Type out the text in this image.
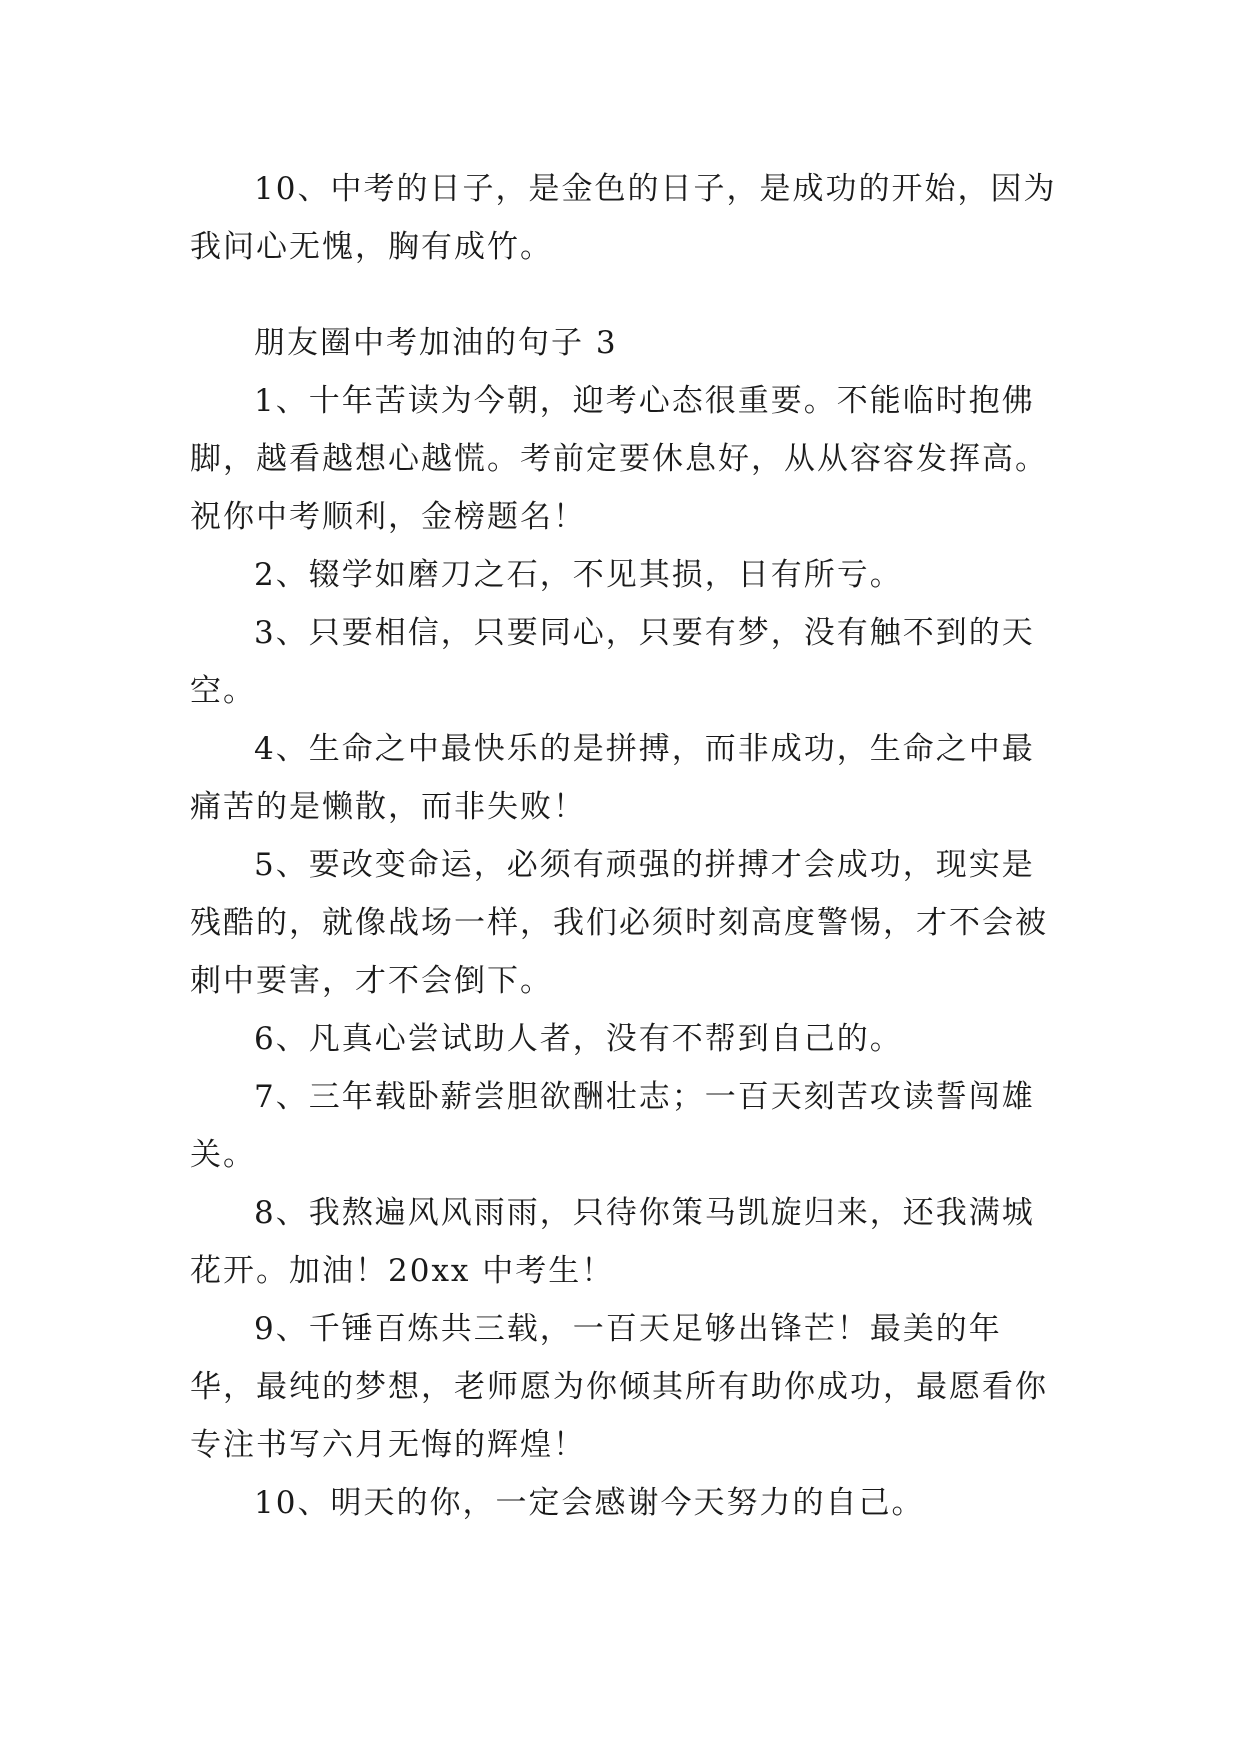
10、中考的日子，是金色的日子，是成功的开始，因为我问心无愧，胸有成竹。

朋友圈中考加油的句子 3

1、十年苦读为今朝，迎考心态很重要。不能临时抱佛脚，越看越想心越慌。考前定要休息好，从从容容发挥高。祝你中考顺利，金榜题名！

2、辍学如磨刀之石，不见其损，日有所亏。

3、只要相信，只要同心，只要有梦，没有触不到的天空。

4、生命之中最快乐的是拼搏，而非成功，生命之中最痛苦的是懒散，而非失败！

5、要改变命运，必须有顽强的拼搏才会成功，现实是残酷的，就像战场一样，我们必须时刻高度警惕，才不会被刺中要害，才不会倒下。

6、凡真心尝试助人者，没有不帮到自己的。

7、三年载卧薪尝胆欲酬壮志；一百天刻苦攻读誓闯雄关。

8、我熬遍风风雨雨，只待你策马凯旋归来，还我满城花开。加油！20xx 中考生！

9、千锤百炼共三载，一百天足够出锋芒！最美的年华，最纯的梦想，老师愿为你倾其所有助你成功，最愿看你专注书写六月无悔的辉煌！

10、明天的你，一定会感谢今天努力的自己。
